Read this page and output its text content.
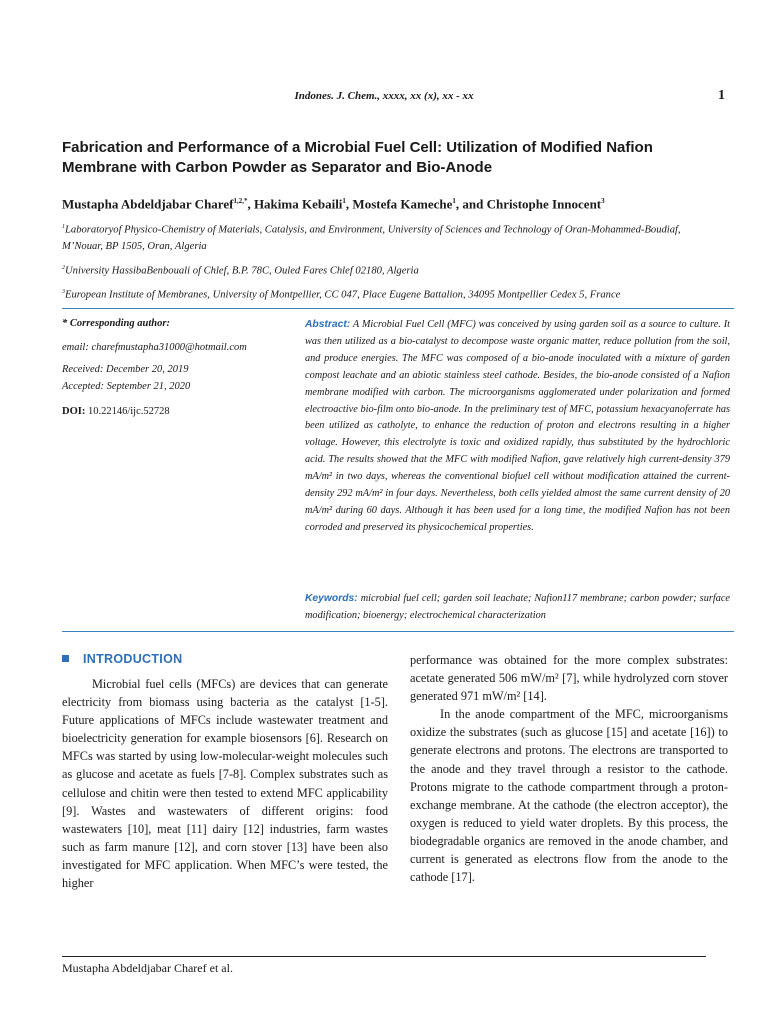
Indones. J. Chem., xxxx, xx (x), xx - xx	1
Fabrication and Performance of a Microbial Fuel Cell: Utilization of Modified Nafion Membrane with Carbon Powder as Separator and Bio-Anode
Mustapha Abdeldjabar Charef$^{1,2,*}$, Hakima Kebaili$^1$, Mostefa Kameche$^1$, and Christophe Innocent$^3$

$^1$Laboratoryof Physico-Chemistry of Materials, Catalysis, and Environment, University of Sciences and Technology of Oran-Mohammed-Boudiaf, M’Nouar, BP 1505, Oran, Algeria

$^2$University HassibaBenbouali of Chlef, B.P. 78C, Ouled Fares Chlef 02180, Algeria

$^3$European Institute of Membranes, University of Montpellier, CC 047, Place Eugene Battalion, 34095 Montpellier Cedex 5, France

* Corresponding author:
email: charefmustapha31000@hotmail.com
Received: December 20, 2019
Accepted: September 21, 2020
DOI: 10.22146/ijc.52728

Abstract: A Microbial Fuel Cell (MFC) was conceived by using garden soil as a source to culture. It was then utilized as a bio-catalyst to decompose waste organic matter, reduce pollution from the soil, and produce energies. The MFC was composed of a bio-anode inoculated with a mixture of garden compost leachate and an abiotic stainless steel cathode. Besides, the bio-anode consisted of a Nafion membrane modified with carbon. The microorganisms agglomerated under polarization and formed electroactive bio-film onto bio-anode. In the preliminary test of MFC, potassium hexacyanoferrate has been utilized as catholyte, to enhance the reduction of proton and electrons resulting in a higher voltage. However, this electrolyte is toxic and oxidized rapidly, thus substituted by the hydrochloric acid. The results showed that the MFC with modified Nafion, gave relatively high current-density 379 mA/m² in two days, whereas the conventional biofuel cell without modification attained the current-density 292 mA/m² in four days. Nevertheless, both cells yielded almost the same current density of 20 mA/m² during 60 days. Although it has been used for a long time, the modified Nafion has not been corroded and preserved its physicochemical properties.

Keywords: microbial fuel cell; garden soil leachate; Nafion117 membrane; carbon powder; surface modification; bioenergy; electrochemical characterization

INTRODUCTION

Microbial fuel cells (MFCs) are devices that can generate electricity from biomass using bacteria as the catalyst [1-5]. Future applications of MFCs include wastewater treatment and bioelectricity generation for example biosensors [6]. Research on MFCs was started by using low-molecular-weight molecules such as glucose and acetate as fuels [7-8]. Complex substrates such as cellulose and chitin were then tested to extend MFC applicability [9]. Wastes and wastewaters of different origins: food wastewaters [10], meat [11] dairy [12] industries, farm wastes such as farm manure [12], and corn stover [13] have been also investigated for MFC application. When MFC’s were tested, the higher

performance was obtained for the more complex substrates: acetate generated 506 mW/m² [7], while hydrolyzed corn stover generated 971 mW/m² [14].

In the anode compartment of the MFC, microorganisms oxidize the substrates (such as glucose [15] and acetate [16]) to generate electrons and protons. The electrons are transported to the anode and they travel through a resistor to the cathode. Protons migrate to the cathode compartment through a proton-exchange membrane. At the cathode (the electron acceptor), the oxygen is reduced to yield water droplets. By this process, the biodegradable organics are removed in the anode chamber, and current is generated as electrons flow from the anode to the cathode [17].

Mustapha Abdeldjabar Charef et al.
